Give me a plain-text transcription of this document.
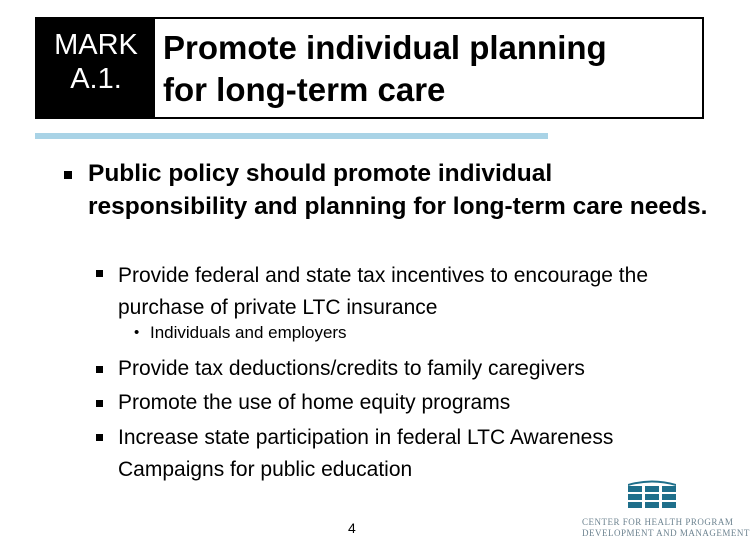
MARK
A.1.
Promote individual planning
for long-term care
Public policy should promote individual responsibility and planning for long-term care needs.
Provide federal and state tax incentives to encourage the purchase of private LTC insurance
• Individuals and employers
Provide tax deductions/credits to family caregivers
Promote the use of home equity programs
Increase state participation in federal LTC Awareness Campaigns for public education
4	CENTER FOR HEALTH PROGRAM
DEVELOPMENT AND MANAGEMENT
